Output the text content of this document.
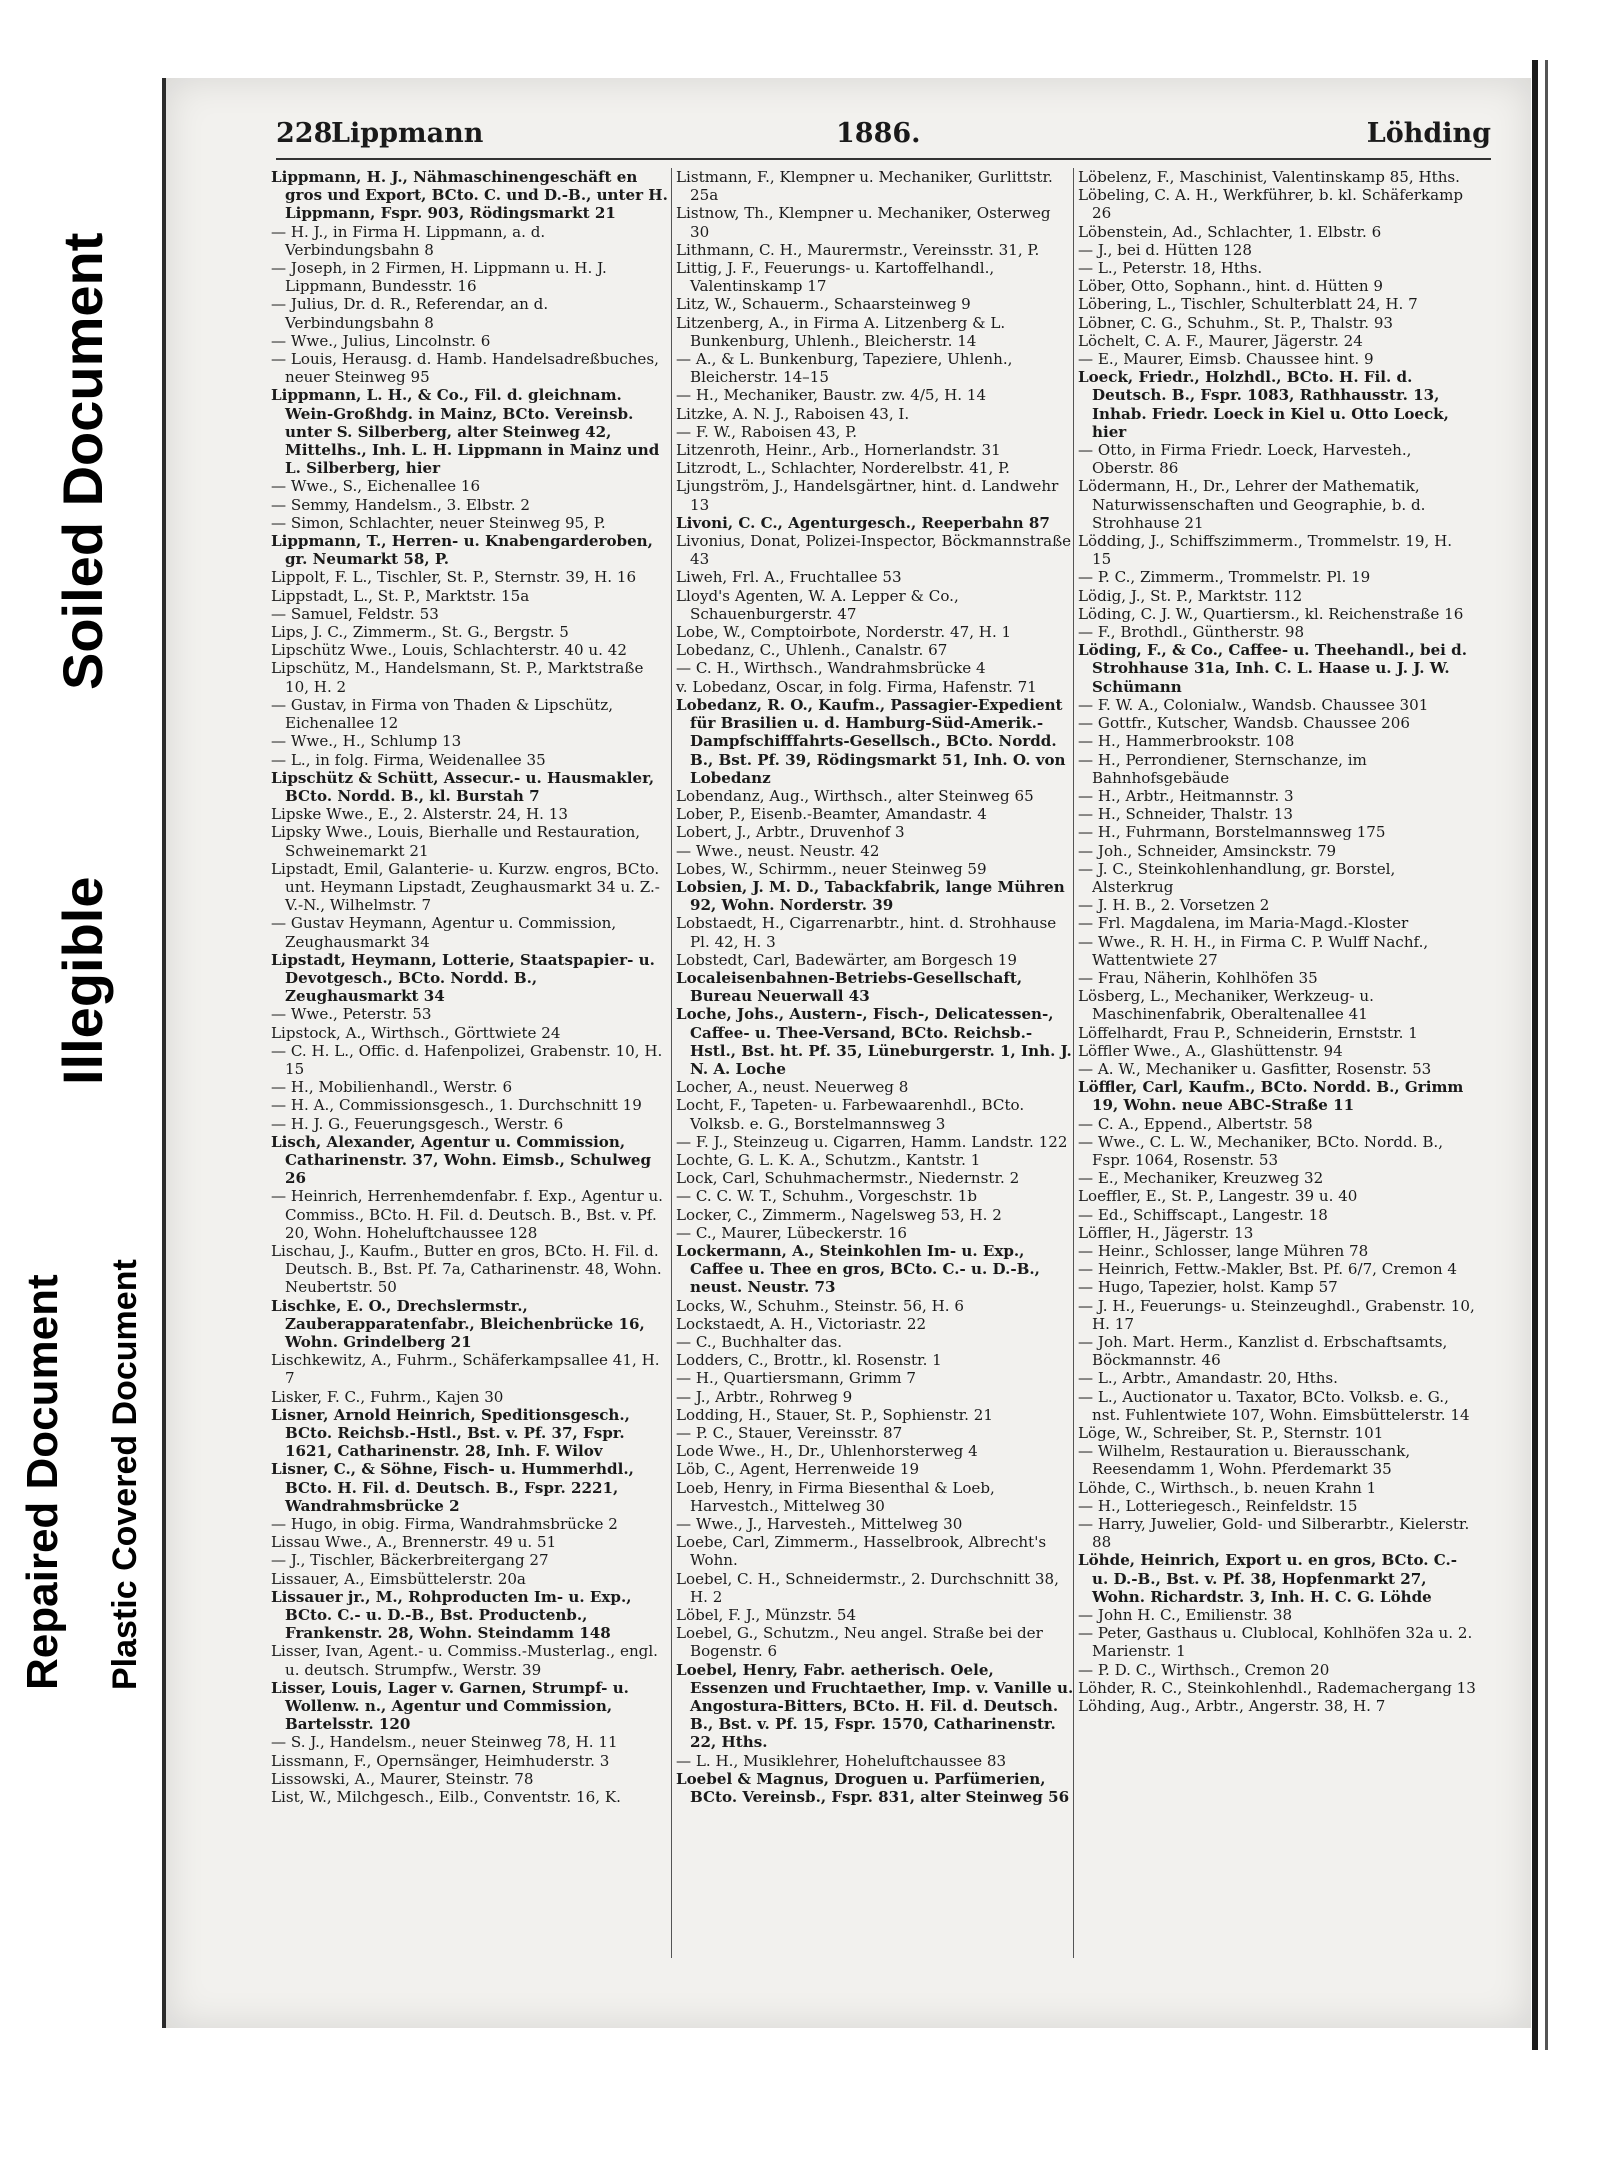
Soiled Document
Illegible
Repaired Document Plastic Covered Document
228
Lippmann	1886.	Löhding
Lippmann, H. J., Nähmaschinengeschäft en gros und Export, BCto. C. und D.-B., unter H. Lippmann, Fspr. 903, Rödingsmarkt 21
— H. J., in Firma H. Lippmann, a. d. Verbindungsbahn 8
— Joseph, in 2 Firmen, H. Lippmann u. H. J. Lippmann, Bundesstr. 16
— Julius, Dr. d. R., Referendar, an d. Verbindungsbahn 8
— Wwe., Julius, Lincolnstr. 6
— Louis, Herausg. d. Hamb. Handelsadreßbuches, neuer Steinweg 95
Lippmann, L. H., & Co., Fil. d. gleichnam. Wein-Großhdg. in Mainz, BCto. Vereinsb. unter S. Silberberg, alter Steinweg 42, Mittelhs., Inh. L. H. Lippmann in Mainz und L. Silberberg, hier
— Wwe., S., Eichenallee 16
— Semmy, Handelsm., 3. Elbstr. 2
— Simon, Schlachter, neuer Steinweg 95, P.
Lippmann, T., Herren- u. Knabengarderoben, gr. Neumarkt 58, P.
Lippolt, F. L., Tischler, St. P., Sternstr. 39, H. 16
Lippstadt, L., St. P., Marktstr. 15a
— Samuel, Feldstr. 53
Lips, J. C., Zimmerm., St. G., Bergstr. 5
Lipschütz Wwe., Louis, Schlachterstr. 40 u. 42
Lipschütz, M., Handelsmann, St. P., Marktstraße 10, H. 2
— Gustav, in Firma von Thaden & Lipschütz, Eichenallee 12
— Wwe., H., Schlump 13
— L., in folg. Firma, Weidenallee 35
Lipschütz & Schütt, Assecur.- u. Hausmakler, BCto. Nordd. B., kl. Burstah 7
Lipske Wwe., E., 2. Alsterstr. 24, H. 13
Lipsky Wwe., Louis, Bierhalle und Restauration, Schweinemarkt 21
Lipstadt, Emil, Galanterie- u. Kurzw. engros, BCto. unt. Heymann Lipstadt, Zeughausmarkt 34 u. Z.-V.-N., Wilhelmstr. 7
— Gustav Heymann, Agentur u. Commission, Zeughausmarkt 34
Lipstadt, Heymann, Lotterie, Staatspapier- u. Devotgesch., BCto. Nordd. B., Zeughausmarkt 34
— Wwe., Peterstr. 53
Lipstock, A., Wirthsch., Görttwiete 24
— C. H. L., Offic. d. Hafenpolizei, Grabenstr. 10, H. 15
— H., Mobilienhandl., Werstr. 6
— H. A., Commissionsgesch., 1. Durchschnitt 19
— H. J. G., Feuerungsgesch., Werstr. 6
Lisch, Alexander, Agentur u. Commission, Catharinenstr. 37, Wohn. Eimsb., Schulweg 26
— Heinrich, Herrenhemdenfabr. f. Exp., Agentur u. Commiss., BCto. H. Fil. d. Deutsch. B., Bst. v. Pf. 20, Wohn. Hoheluftchaussee 128
Lischau, J., Kaufm., Butter en gros, BCto. H. Fil. d. Deutsch. B., Bst. Pf. 7a, Catharinenstr. 48, Wohn. Neubertstr. 50
Lischke, E. O., Drechslermstr., Zauberapparatenfabr., Bleichenbrücke 16, Wohn. Grindelberg 21
Lischkewitz, A., Fuhrm., Schäferkampsallee 41, H. 7
Lisker, F. C., Fuhrm., Kajen 30
Lisner, Arnold Heinrich, Speditionsgesch., BCto. Reichsb.-Hstl., Bst. v. Pf. 37, Fspr. 1621, Catharinenstr. 28, Inh. F. Wilov
Lisner, C., & Söhne, Fisch- u. Hummerhdl., BCto. H. Fil. d. Deutsch. B., Fspr. 2221, Wandrahmsbrücke 2
— Hugo, in obig. Firma, Wandrahmsbrücke 2
Lissau Wwe., A., Brennerstr. 49 u. 51
— J., Tischler, Bäckerbreitergang 27
Lissauer, A., Eimsbüttelerstr. 20a
Lissauer jr., M., Rohproducten Im- u. Exp., BCto. C.- u. D.-B., Bst. Productenb., Frankenstr. 28, Wohn. Steindamm 148
Lisser, Ivan, Agent.- u. Commiss.-Musterlag., engl. u. deutsch. Strumpfw., Werstr. 39
Lisser, Louis, Lager v. Garnen, Strumpf- u. Wollenw. n., Agentur und Commission, Bartelsstr. 120
— S. J., Handelsm., neuer Steinweg 78, H. 11
Lissmann, F., Opernsänger, Heimhuderstr. 3
Lissowski, A., Maurer, Steinstr. 78
List, W., Milchgesch., Eilb., Conventstr. 16, K.
Listmann, F., Klempner u. Mechaniker, Gurlittstr. 25a
Listnow, Th., Klempner u. Mechaniker, Osterweg 30
Lithmann, C. H., Maurermstr., Vereinsstr. 31, P.
Littig, J. F., Feuerungs- u. Kartoffelhandl., Valentinskamp 17
Litz, W., Schauerm., Schaarsteinweg 9
Litzenberg, A., in Firma A. Litzenberg & L. Bunkenburg, Uhlenh., Bleicherstr. 14
— A., & L. Bunkenburg, Tapeziere, Uhlenh., Bleicherstr. 14–15
— H., Mechaniker, Baustr. zw. 4/5, H. 14
Litzke, A. N. J., Raboisen 43, I.
— F. W., Raboisen 43, P.
Litzenroth, Heinr., Arb., Hornerlandstr. 31
Litzrodt, L., Schlachter, Norderelbstr. 41, P.
Ljungström, J., Handelsgärtner, hint. d. Landwehr 13
Livoni, C. C., Agenturgesch., Reeperbahn 87
Livonius, Donat, Polizei-Inspector, Böckmannstraße 43
Liweh, Frl. A., Fruchtallee 53
Lloyd's Agenten, W. A. Lepper & Co., Schauenburgerstr. 47
Lobe, W., Comptoirbote, Norderstr. 47, H. 1
Lobedanz, C., Uhlenh., Canalstr. 67
— C. H., Wirthsch., Wandrahmsbrücke 4
v. Lobedanz, Oscar, in folg. Firma, Hafenstr. 71
Lobedanz, R. O., Kaufm., Passagier-Expedient für Brasilien u. d. Hamburg-Süd-Amerik.-Dampfschifffahrts-Gesellsch., BCto. Nordd. B., Bst. Pf. 39, Rödingsmarkt 51, Inh. O. von Lobedanz
Lobendanz, Aug., Wirthsch., alter Steinweg 65
Lober, P., Eisenb.-Beamter, Amandastr. 4
Lobert, J., Arbtr., Druvenhof 3
— Wwe., neust. Neustr. 42
Lobes, W., Schirmm., neuer Steinweg 59
Lobsien, J. M. D., Tabackfabrik, lange Mühren 92, Wohn. Norderstr. 39
Lobstaedt, H., Cigarrenarbtr., hint. d. Strohhause Pl. 42, H. 3
Lobstedt, Carl, Badewärter, am Borgesch 19
Localeisenbahnen-Betriebs-Gesellschaft, Bureau Neuerwall 43
Loche, Johs., Austern-, Fisch-, Delicatessen-, Caffee- u. Thee-Versand, BCto. Reichsb.-Hstl., Bst. ht. Pf. 35, Lüneburgerstr. 1, Inh. J. N. A. Loche
Locher, A., neust. Neuerweg 8
Locht, F., Tapeten- u. Farbewaarenhdl., BCto. Volksb. e. G., Borstelmannsweg 3
— F. J., Steinzeug u. Cigarren, Hamm. Landstr. 122
Lochte, G. L. K. A., Schutzm., Kantstr. 1
Lock, Carl, Schuhmachermstr., Niedernstr. 2
— C. C. W. T., Schuhm., Vorgeschstr. 1b
Locker, C., Zimmerm., Nagelsweg 53, H. 2
— C., Maurer, Lübeckerstr. 16
Lockermann, A., Steinkohlen Im- u. Exp., Caffee u. Thee en gros, BCto. C.- u. D.-B., neust. Neustr. 73
Locks, W., Schuhm., Steinstr. 56, H. 6
Lockstaedt, A. H., Victoriastr. 22
— C., Buchhalter das.
Lodders, C., Brottr., kl. Rosenstr. 1
— H., Quartiersmann, Grimm 7
— J., Arbtr., Rohrweg 9
Lodding, H., Stauer, St. P., Sophienstr. 21
— P. C., Stauer, Vereinsstr. 87
Lode Wwe., H., Dr., Uhlenhorsterweg 4
Löb, C., Agent, Herrenweide 19
Loeb, Henry, in Firma Biesenthal & Loeb, Harvestch., Mittelweg 30
— Wwe., J., Harvesteh., Mittelweg 30
Loebe, Carl, Zimmerm., Hasselbrook, Albrecht's Wohn.
Loebel, C. H., Schneidermstr., 2. Durchschnitt 38, H. 2
Löbel, F. J., Münzstr. 54
Loebel, G., Schutzm., Neu angel. Straße bei der Bogenstr. 6
Loebel, Henry, Fabr. aetherisch. Oele, Essenzen und Fruchtaether, Imp. v. Vanille u. Angostura-Bitters, BCto. H. Fil. d. Deutsch. B., Bst. v. Pf. 15, Fspr. 1570, Catharinenstr. 22, Hths.
— L. H., Musiklehrer, Hoheluftchaussee 83
Loebel & Magnus, Droguen u. Parfümerien, BCto. Vereinsb., Fspr. 831, alter Steinweg 56
Löbelenz, F., Maschinist, Valentinskamp 85, Hths.
Löbeling, C. A. H., Werkführer, b. kl. Schäferkamp 26
Löbenstein, Ad., Schlachter, 1. Elbstr. 6
— J., bei d. Hütten 128
— L., Peterstr. 18, Hths.
Löber, Otto, Sophann., hint. d. Hütten 9
Löbering, L., Tischler, Schulterblatt 24, H. 7
Löbner, C. G., Schuhm., St. P., Thalstr. 93
Löchelt, C. A. F., Maurer, Jägerstr. 24
— E., Maurer, Eimsb. Chaussee hint. 9
Loeck, Friedr., Holzhdl., BCto. H. Fil. d. Deutsch. B., Fspr. 1083, Rathhausstr. 13, Inhab. Friedr. Loeck in Kiel u. Otto Loeck, hier
— Otto, in Firma Friedr. Loeck, Harvesteh., Oberstr. 86
Lödermann, H., Dr., Lehrer der Mathematik, Naturwissenschaften und Geographie, b. d. Strohhause 21
Lödding, J., Schiffszimmerm., Trommelstr. 19, H. 15
— P. C., Zimmerm., Trommelstr. Pl. 19
Lödig, J., St. P., Marktstr. 112
Löding, C. J. W., Quartiersm., kl. Reichenstraße 16
— F., Brothdl., Güntherstr. 98
Löding, F., & Co., Caffee- u. Theehandl., bei d. Strohhause 31a, Inh. C. L. Haase u. J. J. W. Schümann
— F. W. A., Colonialw., Wandsb. Chaussee 301
— Gottfr., Kutscher, Wandsb. Chaussee 206
— H., Hammerbrookstr. 108
— H., Perrondiener, Sternschanze, im Bahnhofsgebäude
— H., Arbtr., Heitmannstr. 3
— H., Schneider, Thalstr. 13
— H., Fuhrmann, Borstelmannsweg 175
— Joh., Schneider, Amsinckstr. 79
— J. C., Steinkohlenhandlung, gr. Borstel, Alsterkrug
— J. H. B., 2. Vorsetzen 2
— Frl. Magdalena, im Maria-Magd.-Kloster
— Wwe., R. H. H., in Firma C. P. Wulff Nachf., Wattentwiete 27
— Frau, Näherin, Kohlhöfen 35
Lösberg, L., Mechaniker, Werkzeug- u. Maschinenfabrik, Oberaltenallee 41
Löffelhardt, Frau P., Schneiderin, Ernststr. 1
Löffler Wwe., A., Glashüttenstr. 94
— A. W., Mechaniker u. Gasfitter, Rosenstr. 53
Löffler, Carl, Kaufm., BCto. Nordd. B., Grimm 19, Wohn. neue ABC-Straße 11
— C. A., Eppend., Albertstr. 58
— Wwe., C. L. W., Mechaniker, BCto. Nordd. B., Fspr. 1064, Rosenstr. 53
— E., Mechaniker, Kreuzweg 32
Loeffler, E., St. P., Langestr. 39 u. 40
— Ed., Schiffscapt., Langestr. 18
Löffler, H., Jägerstr. 13
— Heinr., Schlosser, lange Mühren 78
— Heinrich, Fettw.-Makler, Bst. Pf. 6/7, Cremon 4
— Hugo, Tapezier, holst. Kamp 57
— J. H., Feuerungs- u. Steinzeughdl., Grabenstr. 10, H. 17
— Joh. Mart. Herm., Kanzlist d. Erbschaftsamts, Böckmannstr. 46
— L., Arbtr., Amandastr. 20, Hths.
— L., Auctionator u. Taxator, BCto. Volksb. e. G., nst. Fuhlentwiete 107, Wohn. Eimsbüttelerstr. 14
Löge, W., Schreiber, St. P., Sternstr. 101
— Wilhelm, Restauration u. Bierausschank, Reesendamm 1, Wohn. Pferdemarkt 35
Löhde, C., Wirthsch., b. neuen Krahn 1
— H., Lotteriegesch., Reinfeldstr. 15
— Harry, Juwelier, Gold- und Silberarbtr., Kielerstr. 88
Löhde, Heinrich, Export u. en gros, BCto. C.- u. D.-B., Bst. v. Pf. 38, Hopfenmarkt 27, Wohn. Richardstr. 3, Inh. H. C. G. Löhde
— John H. C., Emilienstr. 38
— Peter, Gasthaus u. Clublocal, Kohlhöfen 32a u. 2. Marienstr. 1
— P. D. C., Wirthsch., Cremon 20
Löhder, R. C., Steinkohlenhdl., Rademachergang 13
Löhding, Aug., Arbtr., Angerstr. 38, H. 7
